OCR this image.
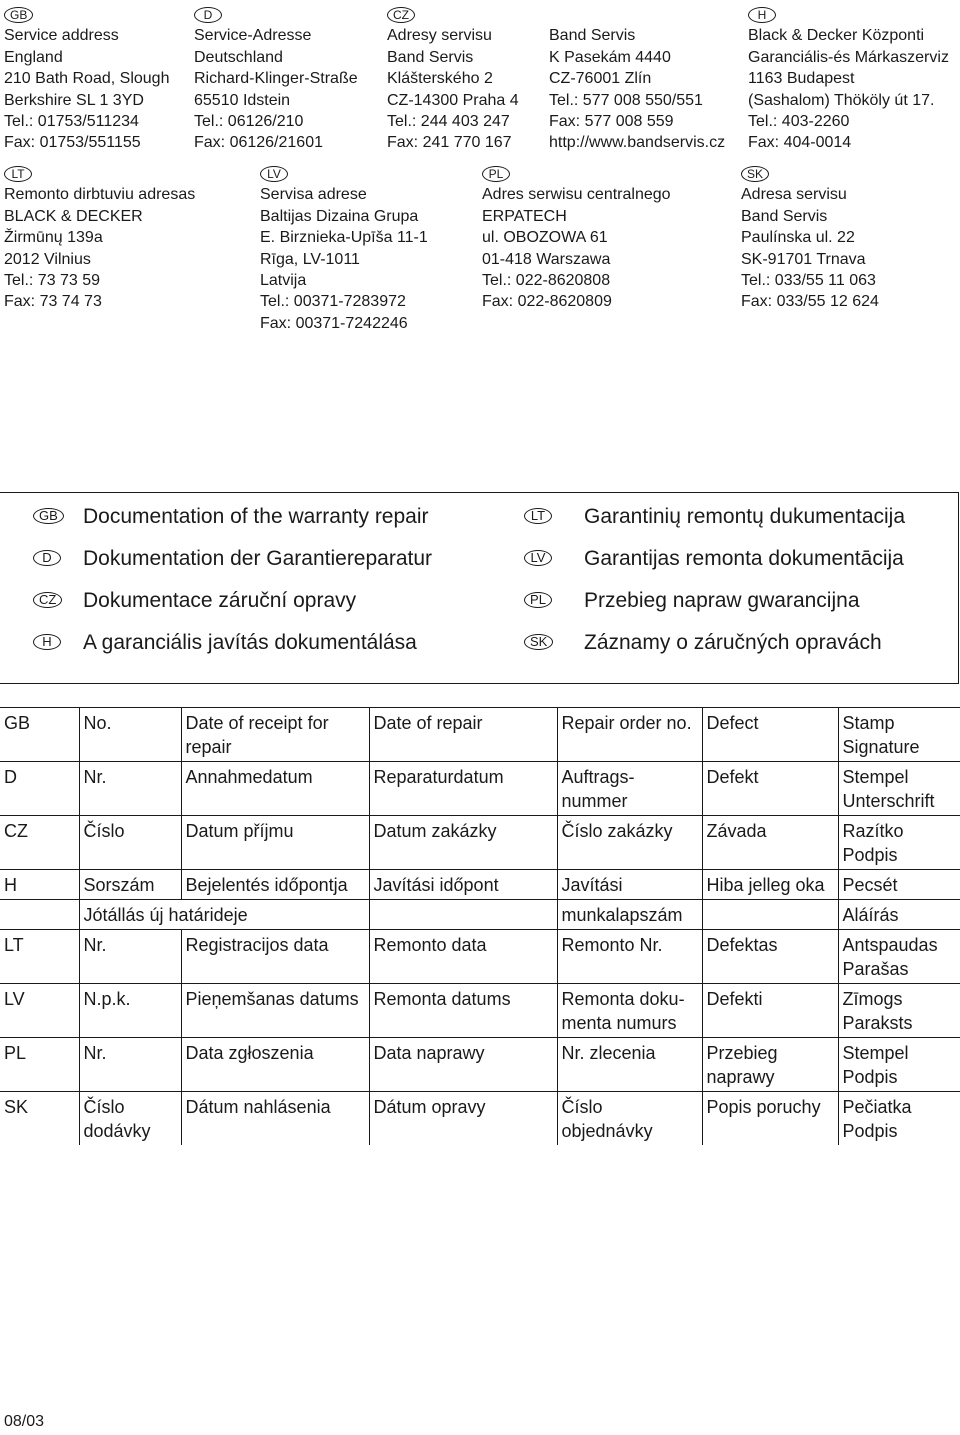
GB
Service address
England
210 Bath Road, Slough
Berkshire SL 1 3YD
Tel.: 01753/511234
Fax: 01753/551155
D
Service-Adresse
Deutschland
Richard-Klinger-Straße
65510 Idstein
Tel.: 06126/210
Fax: 06126/21601
CZ
Adresy servisu
Band Servis
Klášterského 2
CZ-14300 Praha 4
Tel.: 244 403 247
Fax: 241 770 167
Band Servis
K Pasekám 4440
CZ-76001 Zlín
Tel.: 577 008 550/551
Fax: 577 008 559
http://www.bandservis.cz
H
Black & Decker Központi
Garanciális-és Márkaszerviz
1163 Budapest
(Sashalom) Thököly út 17.
Tel.: 403-2260
Fax: 404-0014
LT
Remonto dirbtuviu adresas
BLACK & DECKER
Žirmūnų 139a
2012 Vilnius
Tel.: 73 73 59
Fax: 73 74 73
LV
Servisa adrese
Baltijas Dizaina Grupa
E. Birznieka-Upīša 11-1
Rīga, LV-1011
Latvija
Tel.: 00371-7283972
Fax: 00371-7242246
PL
Adres serwisu centralnego
ERPATECH
ul. OBOZOWA 61
01-418 Warszawa
Tel.: 022-8620808
Fax: 022-8620809
SK
Adresa servisu
Band Servis
Paulínska ul. 22
SK-91701 Trnava
Tel.: 033/55 11 063
Fax: 033/55 12 624
GB Documentation of the warranty repair
D	Dokumentation der Garantiereparatur
CZ Dokumentace záruční opravy
H	A garanciális javítás dokumentálása
LT	Garantinių remontų dukumentacija
LV	Garantijas remonta dokumentācija
PL Przebieg napraw gwarancijna
SK Záznamy o záručných opravách
GB	No.	Date of receipt for repair	Date of repair	Repair order no.	Defect	Stamp Signature
D	Nr.	Annahmedatum	Reparaturdatum	Auftrags-nummer	Defekt	Stempel Unterschrift
CZ	Číslo	Datum příjmu	Datum zakázky	Číslo zakázky	Závada	Razítko Podpis
H	Sorszám	Bejelentés időpontja	Javítási időpont	Javítási	Hiba jelleg oka	Pecsét
	Jótállás új határideje			munkalapszám		Aláírás
LT	Nr.	Registracijos data	Remonto data	Remonto Nr.	Defektas	Antspaudas Parašas
LV	N.p.k.	Pieņemšanas datums	Remonta datums	Remonta doku-menta numurs	Defekti	Zīmogs Paraksts
PL	Nr.	Data zgłoszenia	Data naprawy	Nr. zlecenia	Przebieg naprawy	Stempel Podpis
SK	Číslo dodávky	Dátum nahlásenia	Dátum opravy	Číslo objednávky	Popis poruchy	Pečiatka Podpis
08/03
